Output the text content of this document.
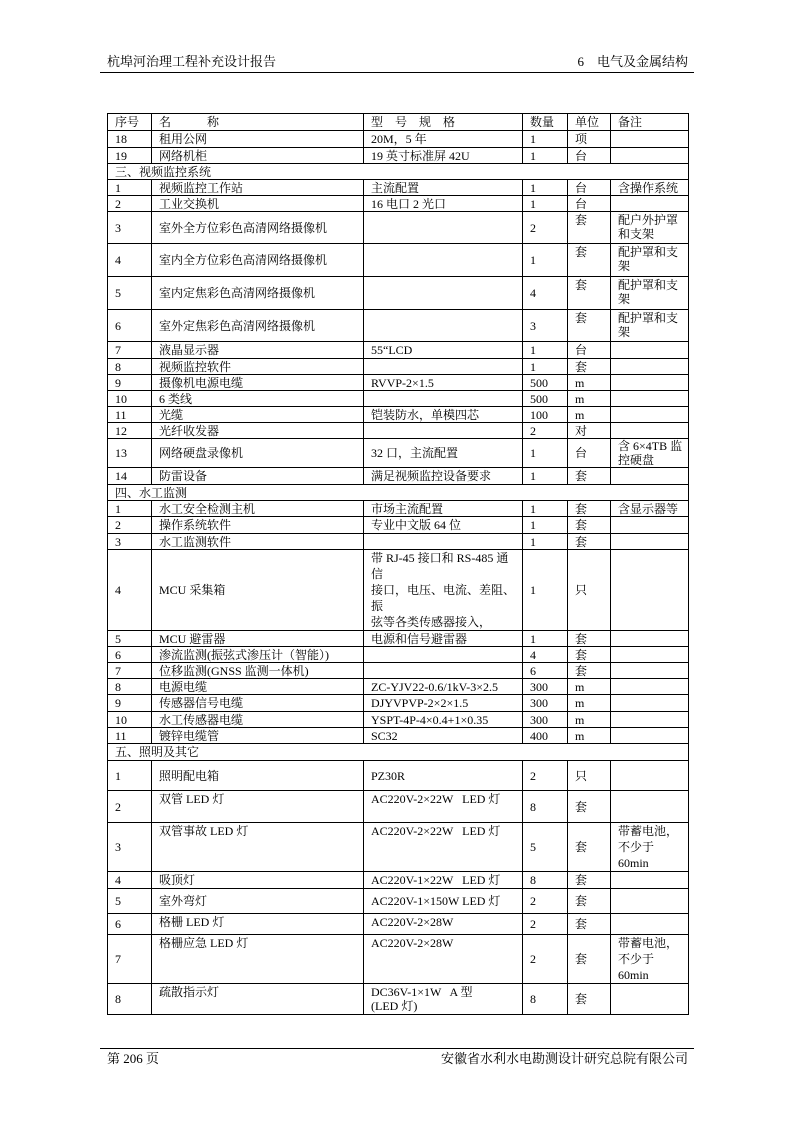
杭埠河治理工程补充设计报告	6　电气及金属结构
序号	名　　　称	型　号　规　格	数量	单位	备注
18	租用公网	20M，5 年	1	项	
19	网络机柜	19 英寸标准屏 42U	1	台	
三、视频监控系统					
1	视频监控工作站	主流配置	1	台	含操作系统
2	工业交换机	16 电口 2 光口	1	台	
3	室外全方位彩色高清网络摄像机		2	套	配户外护罩
和支架
4	室内全方位彩色高清网络摄像机		1	套	配护罩和支
架
5	室内定焦彩色高清网络摄像机		4	套	配护罩和支
架
6	室外定焦彩色高清网络摄像机		3	套	配护罩和支
架
7	液晶显示器	55“LCD	1	台	
8	视频监控软件		1	套	
9	摄像机电源电缆	RVVP-2×1.5	500	m	
10	6 类线		500	m	
11	光缆	铠装防水，单模四芯	100	m	
12	光纤收发器		2	对	
13	网络硬盘录像机	32 口，主流配置	1	台	含 6×4TB 监
控硬盘
14	防雷设备	满足视频监控设备要求	1	套	
四、水工监测					
1	水工安全检测主机	市场主流配置	1	套	含显示器等
2	操作系统软件	专业中文版 64 位	1	套	
3	水工监测软件		1	套	
4	MCU 采集箱	带 RJ-45 接口和 RS-485 通信
接口，电压、电流、差阻、振
弦等各类传感器接入，	1	只	
5	MCU 避雷器	电源和信号避雷器	1	套	
6	渗流监测(振弦式渗压计（智能）)		4	套	
7	位移监测(GNSS 监测一体机)		6	套	
8	电源电缆	ZC-YJV22-0.6/1kV-3×2.5	300	m	
9	传感器信号电缆	DJYVPVP-2×2×1.5	300	m	
10	水工传感器电缆	YSPT-4P-4×0.4+1×0.35	300	m	
11	镀锌电缆管	SC32	400	m	
五、照明及其它					
1	照明配电箱	PZ30R	2	只	
2	双管 LED 灯	AC220V-2×22W   LED 灯	8	套	
3	双管事故 LED 灯	AC220V-2×22W   LED 灯	5	套	带蓄电池，
不少于
60min
4	吸顶灯	AC220V-1×22W   LED 灯	8	套	
5	室外弯灯	AC220V-1×150W LED 灯	2	套	
6	格栅 LED 灯	AC220V-2×28W	2	套	
7	格栅应急 LED 灯	AC220V-2×28W	2	套	带蓄电池，
不少于
60min
8	疏散指示灯	DC36V-1×1W   A 型
(LED 灯)	8	套	
第 206 页	安徽省水利水电勘测设计研究总院有限公司
